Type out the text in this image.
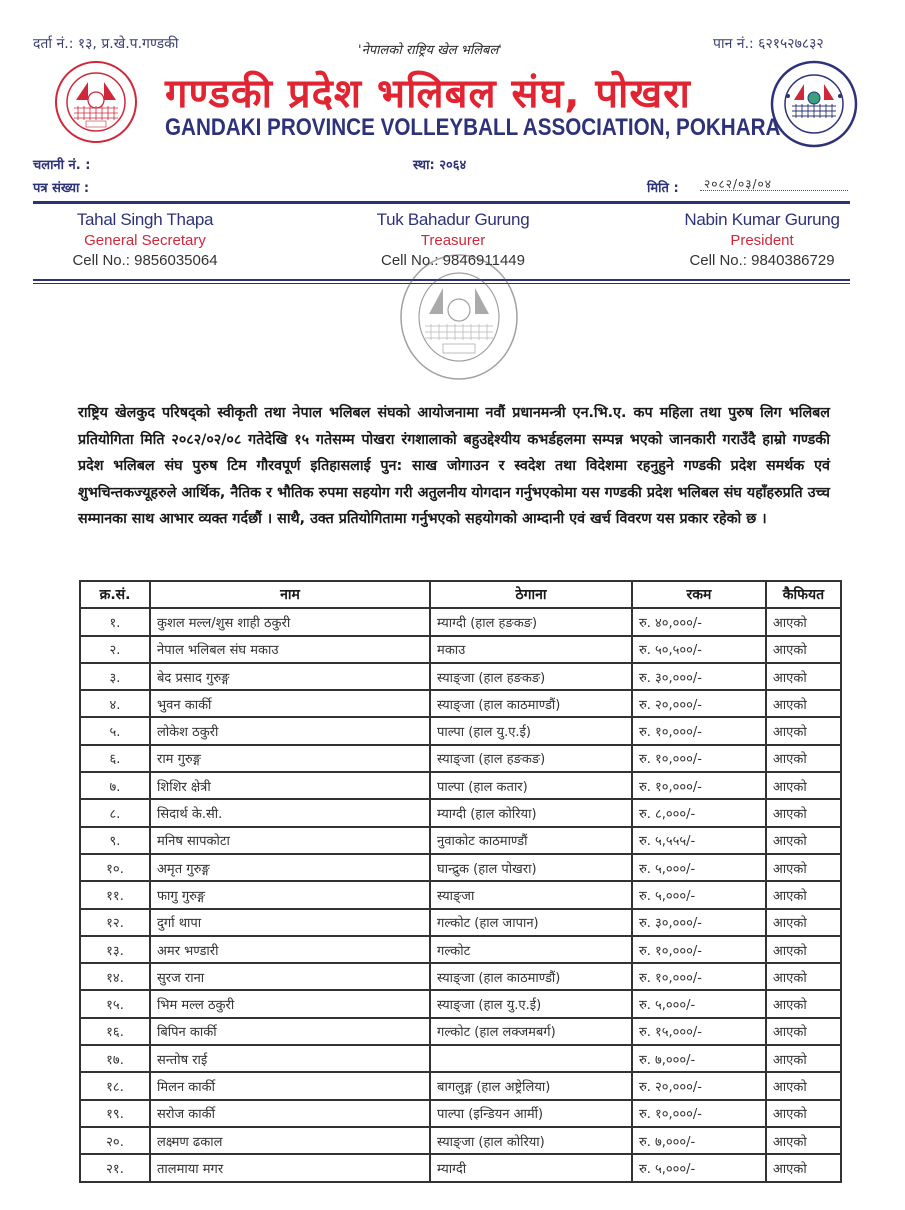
दर्ता नं.: १३, प्र.खे.प.गण्डकी	'नेपालको राष्ट्रिय खेल भलिबल'	पान नं.: ६२१५२७८३२
गण्डकी प्रदेश भलिबल संघ, पोखरा
GANDAKI PROVINCE VOLLEYBALL ASSOCIATION, POKHARA
चलानी नं. :
पत्र संख्या :
स्था: २०६४
मिति :	२०८२/०३/०४
Tahal Singh Thapa
General Secretary
Cell No.: 9856035064
Tuk Bahadur Gurung
Treasurer
Cell No.: 9846911449
Nabin Kumar Gurung
President
Cell No.: 9840386729
राष्ट्रिय खेलकुद परिषद्को स्वीकृती तथा नेपाल भलिबल संघको आयोजनामा नवौं प्रधानमन्त्री एन.भि.ए. कप महिला तथा पुरुष लिग भलिबल प्रतियोगिता मिति २०८२/०२/०८ गतेदेखि १५ गतेसम्म पोखरा रंगशालाको बहुउद्देश्यीय कभर्डहलमा सम्पन्न भएको जानकारी गराउँदै हाम्रो गण्डकी प्रदेश भलिबल संघ पुरुष टिम गौरवपूर्ण इतिहासलाई पुन: साख जोगाउन र स्वदेश तथा विदेशमा रहनुहुने गण्डकी प्रदेश समर्थक एवं शुभचिन्तकज्यूहरुले आर्थिक, नैतिक र भौतिक रुपमा सहयोग गरी अतुलनीय योगदान गर्नुभएकोमा यस गण्डकी प्रदेश भलिबल संघ यहाँहरुप्रति उच्च सम्मानका साथ आभार व्यक्त गर्दछौं । साथै, उक्त प्रतियोगितामा गर्नुभएको सहयोगको आम्दानी एवं खर्च विवरण यस प्रकार रहेको छ ।
क्र.सं.	नाम	ठेगाना	रकम	कैफियत
१.	कुशल मल्ल/शुस शाही ठकुरी	म्याग्दी (हाल हङकङ)	रु. ४०,०००/-	आएको
२.	नेपाल भलिबल संघ मकाउ	मकाउ	रु. ५०,५००/-	आएको
३.	बेद प्रसाद गुरुङ्ग	स्याङ्जा (हाल हङकङ)	रु. ३०,०००/-	आएको
४.	भुवन कार्की	स्याङ्जा (हाल काठमाण्डौं)	रु. २०,०००/-	आएको
५.	लोकेश ठकुरी	पाल्पा (हाल यु.ए.ई)	रु. १०,०००/-	आएको
६.	राम गुरुङ्ग	स्याङ्जा (हाल हङकङ)	रु. १०,०००/-	आएको
७.	शिशिर क्षेत्री	पाल्पा (हाल कतार)	रु. १०,०००/-	आएको
८.	सिदार्थ के.सी.	म्याग्दी (हाल कोरिया)	रु. ८,०००/-	आएको
९.	मनिष सापकोटा	नुवाकोट काठमाण्डौं	रु. ५,५५५/-	आएको
१०.	अमृत गुरुङ्ग	घान्द्रुक (हाल पोखरा)	रु. ५,०००/-	आएको
११.	फागु गुरुङ्ग	स्याङ्जा	रु. ५,०००/-	आएको
१२.	दुर्गा थापा	गल्कोट (हाल जापान)	रु. ३०,०००/-	आएको
१३.	अमर भण्डारी	गल्कोट	रु. १०,०००/-	आएको
१४.	सुरज राना	स्याङ्जा (हाल काठमाण्डौं)	रु. १०,०००/-	आएको
१५.	भिम मल्ल ठकुरी	स्याङ्जा (हाल यु.ए.ई)	रु. ५,०००/-	आएको
१६.	बिपिन कार्की	गल्कोट (हाल लक्जमबर्ग)	रु. १५,०००/-	आएको
१७.	सन्तोष राई		रु. ७,०००/-	आएको
१८.	मिलन कार्की	बागलुङ्ग (हाल अष्ट्रेलिया)	रु. २०,०००/-	आएको
१९.	सरोज कार्की	पाल्पा (इन्डियन आर्मी)	रु. १०,०००/-	आएको
२०.	लक्ष्मण ढकाल	स्याङ्जा (हाल कोरिया)	रु. ७,०००/-	आएको
२१.	तालमाया मगर	म्याग्दी	रु. ५,०००/-	आएको
